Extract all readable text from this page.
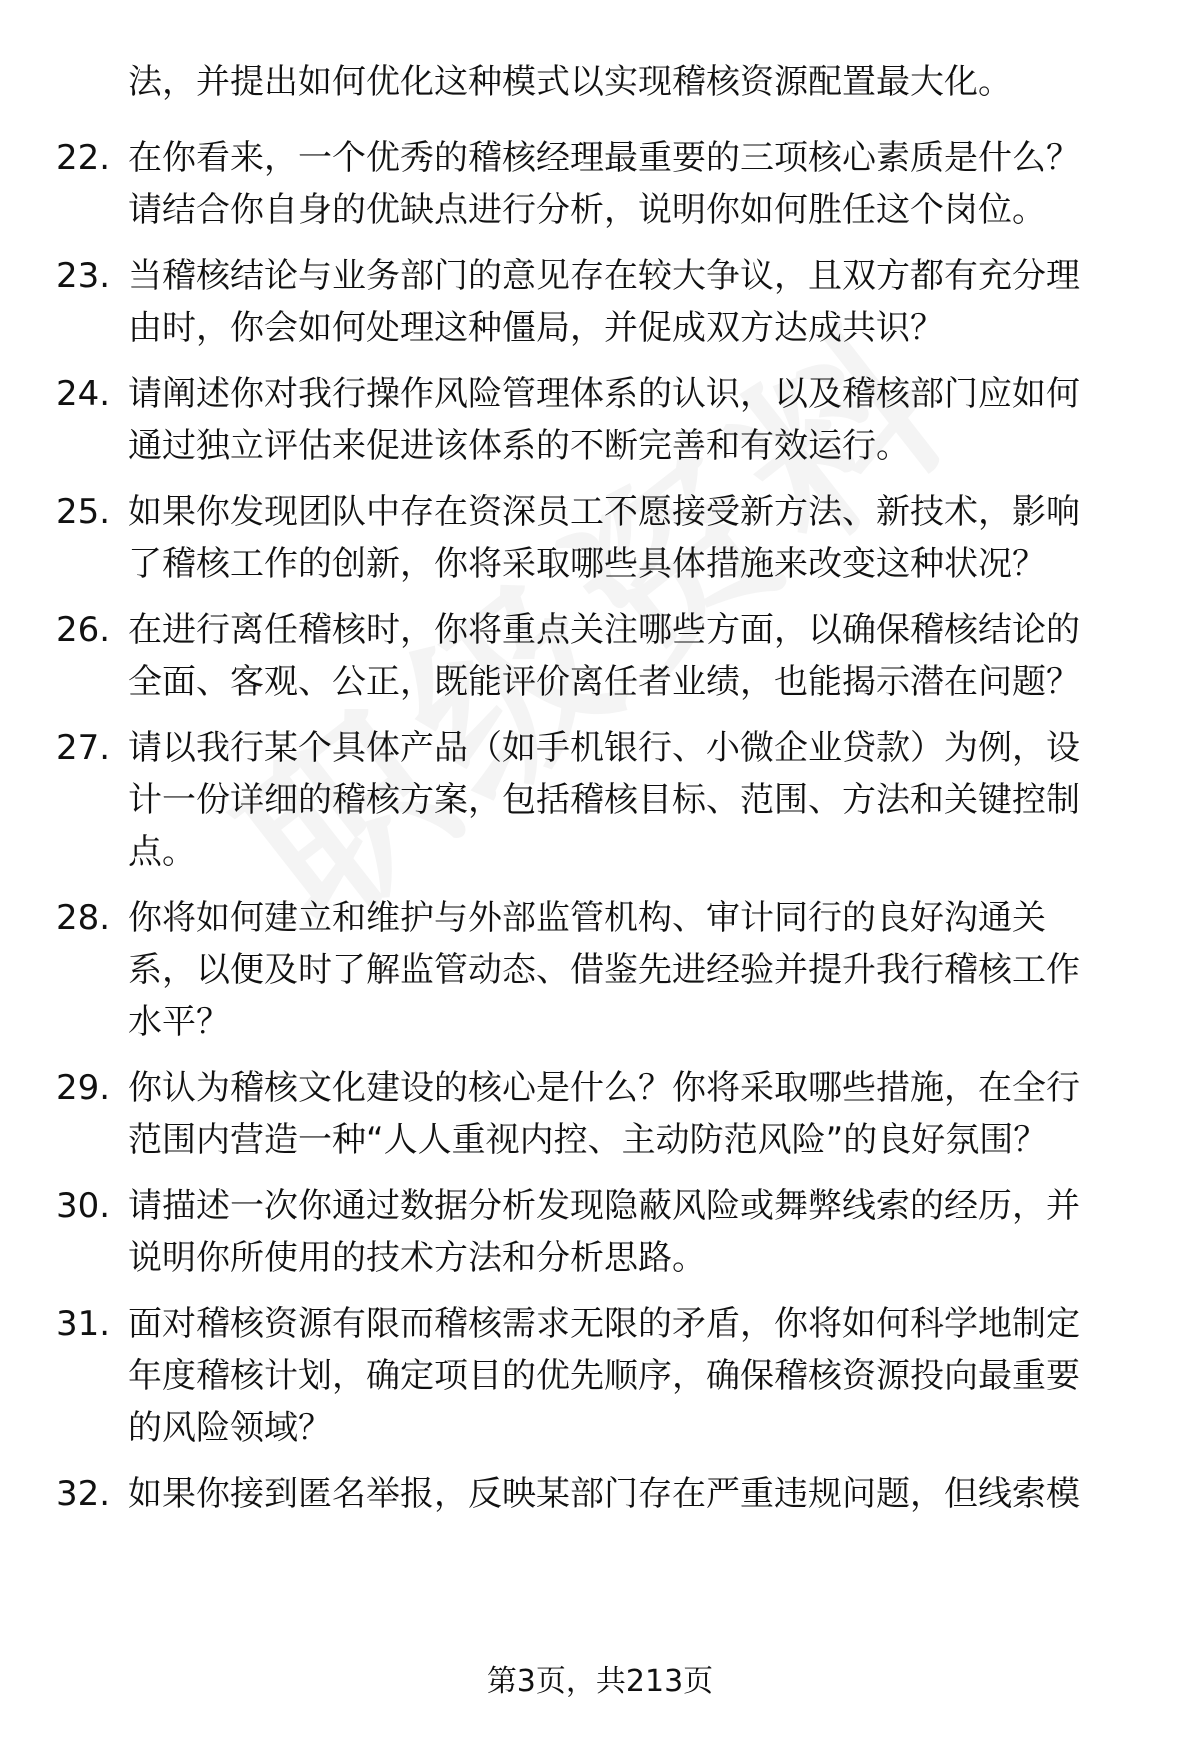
法，并提出如何优化这种模式以实现稽核资源配置最大化。
22. 在你看来，一个优秀的稽核经理最重要的三项核心素质是什么？
请结合你自身的优缺点进行分析，说明你如何胜任这个岗位。
23. 当稽核结论与业务部门的意见存在较大争议，且双方都有充分理
由时，你会如何处理这种僵局，并促成双方达成共识？
24. 请阐述你对我行操作风险管理体系的认识，以及稽核部门应如何
通过独立评估来促进该体系的不断完善和有效运行。
25. 如果你发现团队中存在资深员工不愿接受新方法、新技术，影响
了稽核工作的创新，你将采取哪些具体措施来改变这种状况？
26. 在进行离任稽核时，你将重点关注哪些方面，以确保稽核结论的
全面、客观、公正，既能评价离任者业绩，也能揭示潜在问题？
27. 请以我行某个具体产品（如手机银行、小微企业贷款）为例，设
计一份详细的稽核方案，包括稽核目标、范围、方法和关键控制
点。
28. 你将如何建立和维护与外部监管机构、审计同行的良好沟通关
系，以便及时了解监管动态、借鉴先进经验并提升我行稽核工作
水平？
29. 你认为稽核文化建设的核心是什么？你将采取哪些措施，在全行
范围内营造一种“人人重视内控、主动防范风险”的良好氛围？
30. 请描述一次你通过数据分析发现隐蔽风险或舞弊线索的经历，并
说明你所使用的技术方法和分析思路。
31. 面对稽核资源有限而稽核需求无限的矛盾，你将如何科学地制定
年度稽核计划，确定项目的优先顺序，确保稽核资源投向最重要
的风险领域？
32. 如果你接到匿名举报，反映某部门存在严重违规问题，但线索模
第3页，共213页
